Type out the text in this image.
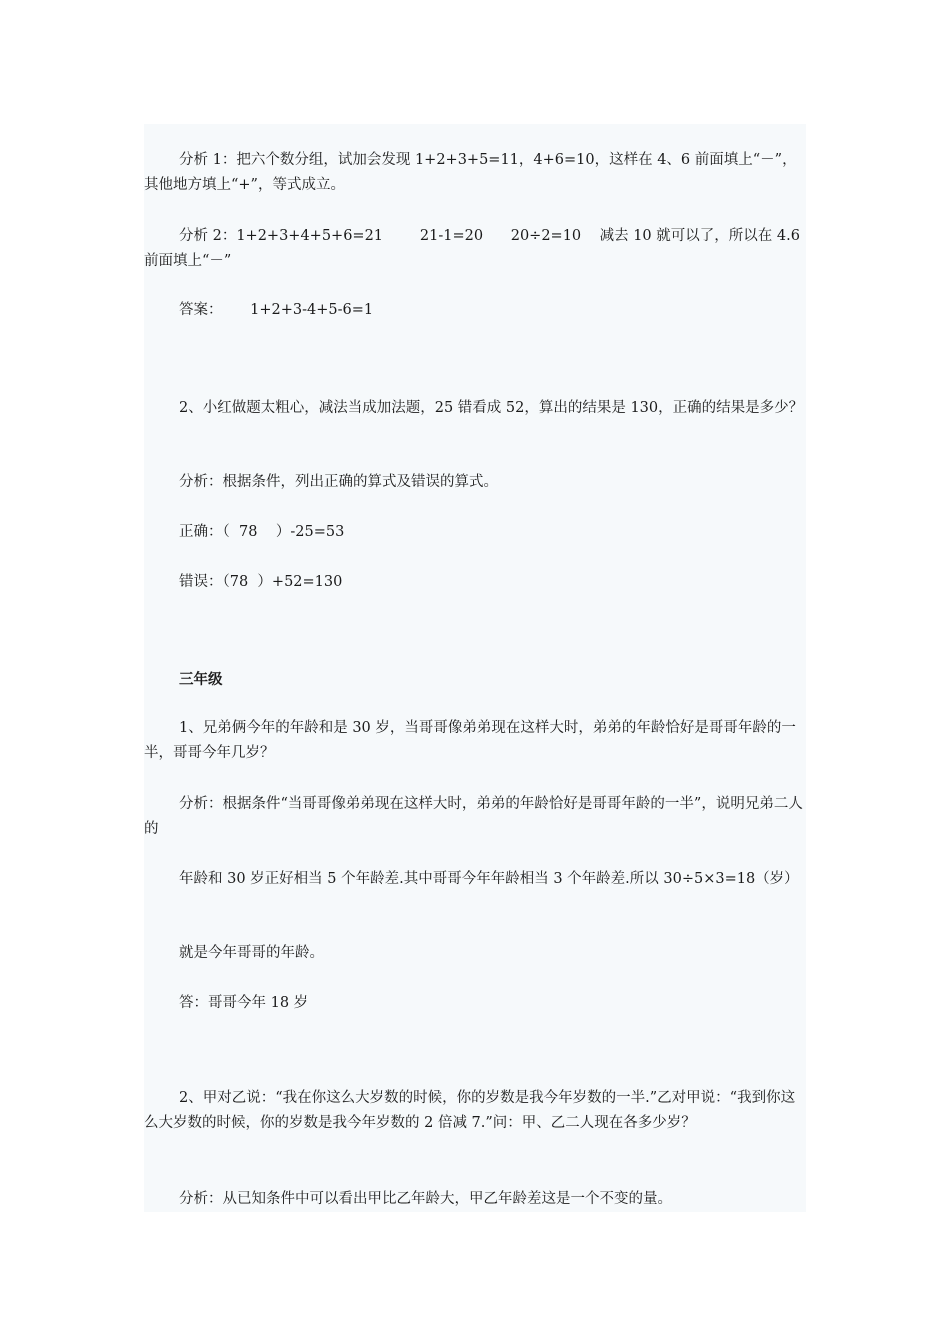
分析 1：把六个数分组，试加会发现 1+2+3+5=11，4+6=10，这样在 4、6 前面填上“－”，其他地方填上“+”，等式成立。

分析 2：1+2+3+4+5+6=21        21-1=20      20÷2=10    减去 10 就可以了，所以在 4.6 前面填上“－”

答案：      1+2+3-4+5-6=1

2、小红做题太粗心，减法当成加法题，25 错看成 52，算出的结果是 130，正确的结果是多少？

分析：根据条件，列出正确的算式及错误的算式。

正确：（  78    ）-25=53

错误：（78  ）+52=130

三年级

1、兄弟俩今年的年龄和是 30 岁，当哥哥像弟弟现在这样大时，弟弟的年龄恰好是哥哥年龄的一半，哥哥今年几岁？

分析：根据条件“当哥哥像弟弟现在这样大时，弟弟的年龄恰好是哥哥年龄的一半”，说明兄弟二人的

年龄和 30 岁正好相当 5 个年龄差.其中哥哥今年年龄相当 3 个年龄差.所以 30÷5×3=18（岁）

就是今年哥哥的年龄。

答：哥哥今年 18 岁

2、甲对乙说：“我在你这么大岁数的时候，你的岁数是我今年岁数的一半.”乙对甲说：“我到你这么大岁数的时候，你的岁数是我今年岁数的 2 倍减 7.”问：甲、乙二人现在各多少岁？

分析：从已知条件中可以看出甲比乙年龄大，甲乙年龄差这是一个不变的量。
